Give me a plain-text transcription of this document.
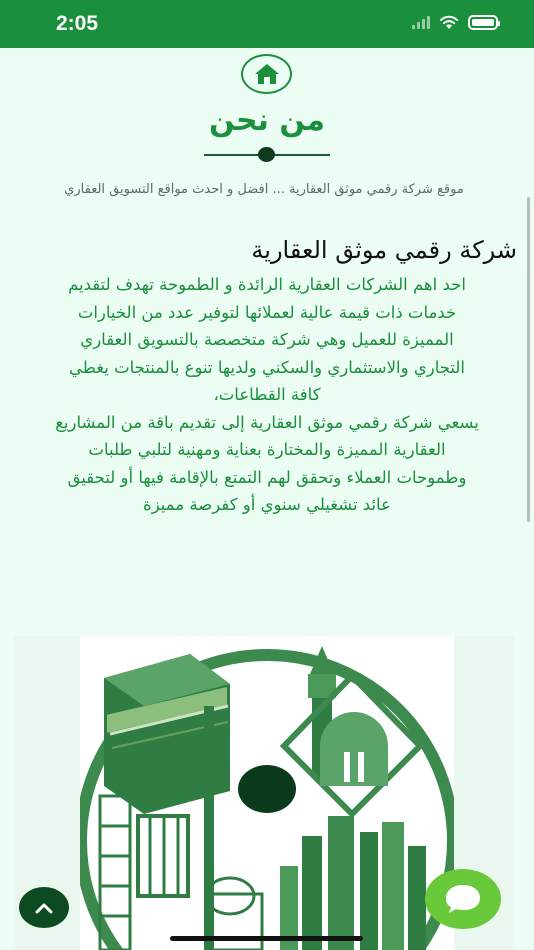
2:05
من نحن
موقع شركة رقمي موثق العقارية ... افضل و احدث مواقع التسويق العقاري
شركة رقمي موثق العقارية
احد اهم الشركات العقارية الرائدة و الطموحة تهدف لتقديم
خدمات ذات قيمة عالية لعملائها لتوفير عدد من الخيارات
المميزة للعميل وهي شركة متخصصة بالتسويق العقاري
التجاري والاستثماري والسكني ولديها تنوع بالمنتجات يغطي
كافة القطاعات،
يسعي شركة رقمي موثق العقارية إلى تقديم باقة من المشاريع
العقارية المميزة والمختارة بعناية ومهنية لتلبي طلبات
وطموحات العملاء وتحقق لهم التمتع بالإقامة فيها أو لتحقيق
عائد تشغيلي سنوي أو كفرصة مميزة
